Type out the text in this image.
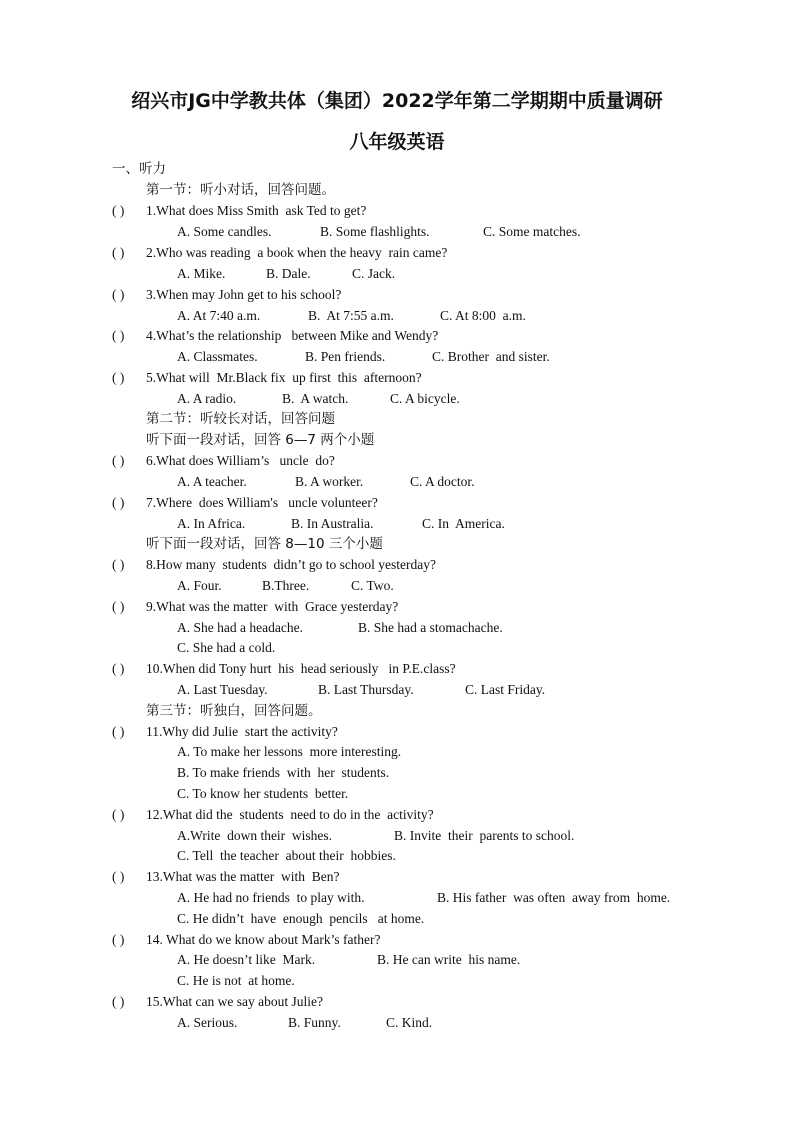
绍兴市JG中学教共体（集团）2022学年第二学期期中质量调研
八年级英语
一、听力
第一节：听小对话，回答问题。
( ) 1.What does Miss Smith  ask Ted to get?
A. Some candles.	B. Some flashlights.	C. Some matches.
( ) 2.Who was reading  a book when the heavy  rain came?
A. Mike.	B. Dale.	C. Jack.
( ) 3.When may John get to his school?
A. At 7:40 a.m.	B.  At 7:55 a.m.	C. At 8:00  a.m.
( ) 4.What’s the relationship   between Mike and Wendy?
A. Classmates.	B. Pen friends.	C. Brother  and sister.
( ) 5.What will  Mr.Black fix  up first  this  afternoon?
A. A radio.	B.  A watch.	C. A bicycle.
第二节：听较长对话，回答问题
听下面一段对话，回答 6—7 两个小题
( ) 6.What does William’s   uncle  do?
A. A teacher.	B. A worker.	C. A doctor.
( ) 7.Where  does William's   uncle volunteer?
A. In Africa.	B. In Australia.	C. In  America.
听下面一段对话，回答 8—10 三个小题
( ) 8.How many  students  didn’t go to school yesterday?
A. Four.	B.Three.	C. Two.
( ) 9.What was the matter  with  Grace yesterday?
A. She had a headache.	B. She had a stomachache.
C. She had a cold.
( ) 10.When did Tony hurt  his  head seriously   in P.E.class?
A. Last Tuesday.	B. Last Thursday.	C. Last Friday.
第三节：听独白，回答问题。
( ) 11.Why did Julie  start the activity?
A. To make her lessons  more interesting.
B. To make friends  with  her  students.
C. To know her students  better.
( ) 12.What did the  students  need to do in the  activity?
A.Write  down their  wishes.	B. Invite  their  parents to school.
C. Tell  the teacher  about their  hobbies.
( ) 13.What was the matter  with  Ben?
A. He had no friends  to play with.	B. His father  was often  away from  home.
C. He didn’t  have  enough  pencils   at home.
( ) 14. What do we know about Mark’s father?
A. He doesn’t like  Mark.	B. He can write  his name.
C. He is not  at home.
( ) 15.What can we say about Julie?
A. Serious.	B. Funny.	C. Kind.
